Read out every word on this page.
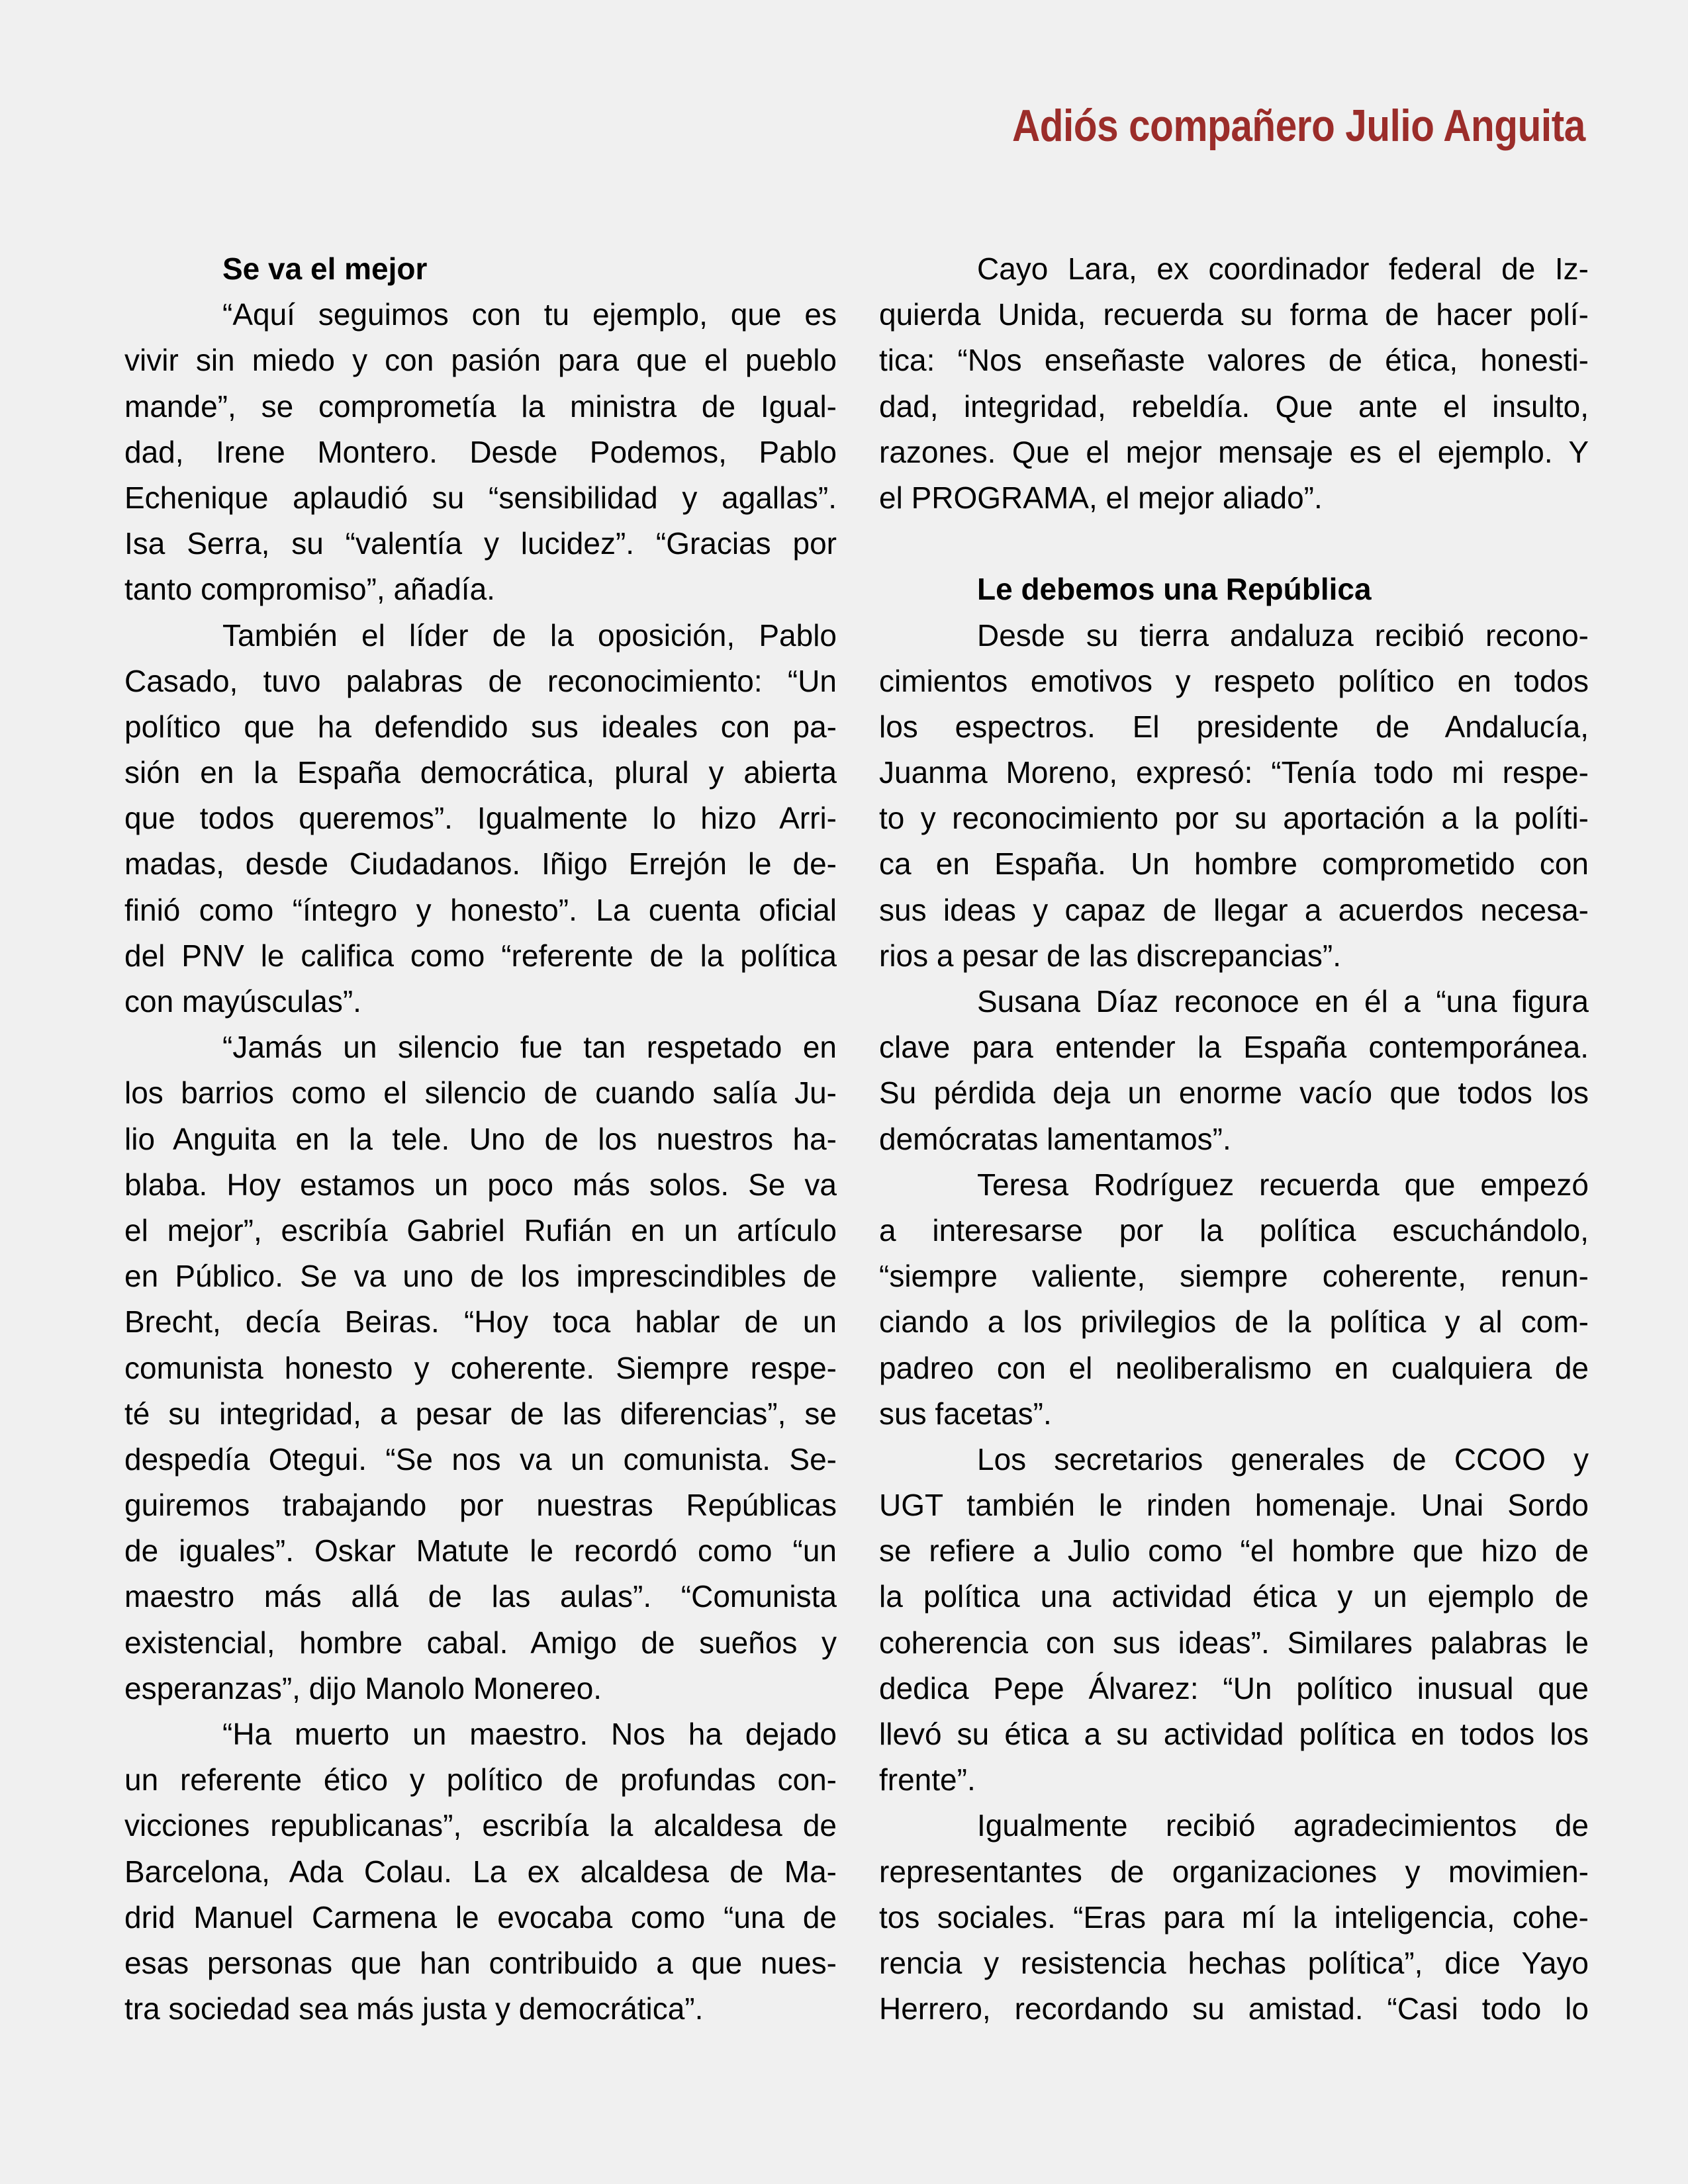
Adiós compañero Julio Anguita
Se va el mejor
“Aquí seguimos con tu ejemplo, que es
vivir sin miedo y con pasión para que el pueblo
mande”, se comprometía la ministra de Igual-
dad, Irene Montero. Desde Podemos, Pablo
Echenique aplaudió su “sensibilidad y agallas”.
Isa Serra, su “valentía y lucidez”. “Gracias por
tanto compromiso”, añadía.
También el líder de la oposición, Pablo
Casado, tuvo palabras de reconocimiento: “Un
político que ha defendido sus ideales con pa-
sión en la España democrática, plural y abierta
que todos queremos”. Igualmente lo hizo Arri-
madas, desde Ciudadanos. Iñigo Errejón le de-
finió como “íntegro y honesto”. La cuenta oficial
del PNV le califica como “referente de la política
con mayúsculas”.
“Jamás un silencio fue tan respetado en
los barrios como el silencio de cuando salía Ju-
lio Anguita en la tele. Uno de los nuestros ha-
blaba. Hoy estamos un poco más solos. Se va
el mejor”, escribía Gabriel Rufián en un artículo
en Público. Se va uno de los imprescindibles de
Brecht, decía Beiras. “Hoy toca hablar de un
comunista honesto y coherente. Siempre respe-
té su integridad, a pesar de las diferencias”, se
despedía Otegui. “Se nos va un comunista. Se-
guiremos trabajando por nuestras Repúblicas
de iguales”. Oskar Matute le recordó como “un
maestro más allá de las aulas”. “Comunista
existencial, hombre cabal. Amigo de sueños y
esperanzas”, dijo Manolo Monereo.
“Ha muerto un maestro. Nos ha dejado
un referente ético y político de profundas con-
vicciones republicanas”, escribía la alcaldesa de
Barcelona, Ada Colau. La ex alcaldesa de Ma-
drid Manuel Carmena le evocaba como “una de
esas personas que han contribuido a que nues-
tra sociedad sea más justa y democrática”.
Cayo Lara, ex coordinador federal de Iz-
quierda Unida, recuerda su forma de hacer polí-
tica: “Nos enseñaste valores de ética, honesti-
dad, integridad, rebeldía. Que ante el insulto,
razones. Que el mejor mensaje es el ejemplo. Y
el PROGRAMA, el mejor aliado”.
Le debemos una República
Desde su tierra andaluza recibió recono-
cimientos emotivos y respeto político en todos
los espectros. El presidente de Andalucía,
Juanma Moreno, expresó: “Tenía todo mi respe-
to y reconocimiento por su aportación a la políti-
ca en España. Un hombre comprometido con
sus ideas y capaz de llegar a acuerdos necesa-
rios a pesar de las discrepancias”.
Susana Díaz reconoce en él a “una figura
clave para entender la España contemporánea.
Su pérdida deja un enorme vacío que todos los
demócratas lamentamos”.
Teresa Rodríguez recuerda que empezó
a interesarse por la política escuchándolo,
“siempre valiente, siempre coherente, renun-
ciando a los privilegios de la política y al com-
padreo con el neoliberalismo en cualquiera de
sus facetas”.
Los secretarios generales de CCOO y
UGT también le rinden homenaje. Unai Sordo
se refiere a Julio como “el hombre que hizo de
la política una actividad ética y un ejemplo de
coherencia con sus ideas”. Similares palabras le
dedica Pepe Álvarez: “Un político inusual que
llevó su ética a su actividad política en todos los
frente”.
Igualmente recibió agradecimientos de
representantes de organizaciones y movimien-
tos sociales. “Eras para mí la inteligencia, cohe-
rencia y resistencia hechas política”, dice Yayo
Herrero, recordando su amistad. “Casi todo lo
